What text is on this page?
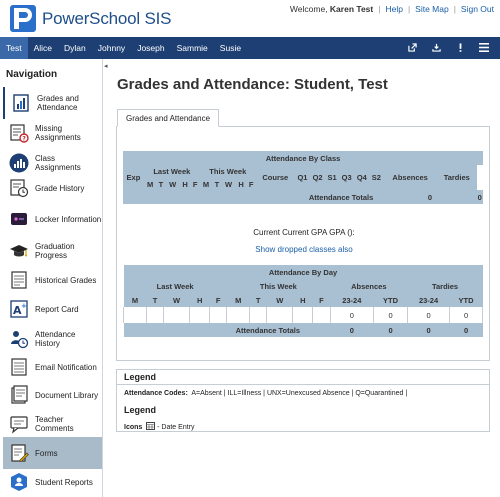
PowerSchool SIS	Welcome, Karen Test | Help | Site Map | Sign Out
Test	Alice	Dylan	Johnny	Joseph	Sammie	Susie
Navigation
◂
Grades and Attendance
?
Missing Assignments
Class Assignments
Grade History
Locker Information
Graduation Progress
Historical Grades
A + Report Card
Attendance History
Email Notification
Document Library
Teacher Comments
Forms
Student Reports
Grades and Attendance: Student, Test
Grades and Attendance
Attendance By Class																				
Exp	Last Week					This Week					Course	Q1	Q2	S1	Q3	Q4	S2	Absences	Tardies	
	M	T	W	H	F	M	T	W	H	F										
Attendance Totals																		0		0
Current Current GPA GPA ():
Show dropped classes also
Attendance By Day													
Last Week					This Week					Absences		Tardies	
M	T	W	H	F	M	T	W	H	F	23-24	YTD	23-24	YTD
										0	0	0	0
Attendance Totals										0	0	0	0
Legend
Attendance Codes: A=Absent | ILL=Illness | UNX=Unexcused Absence | Q=Quarantined |
Legend
Icons - Date Entry
